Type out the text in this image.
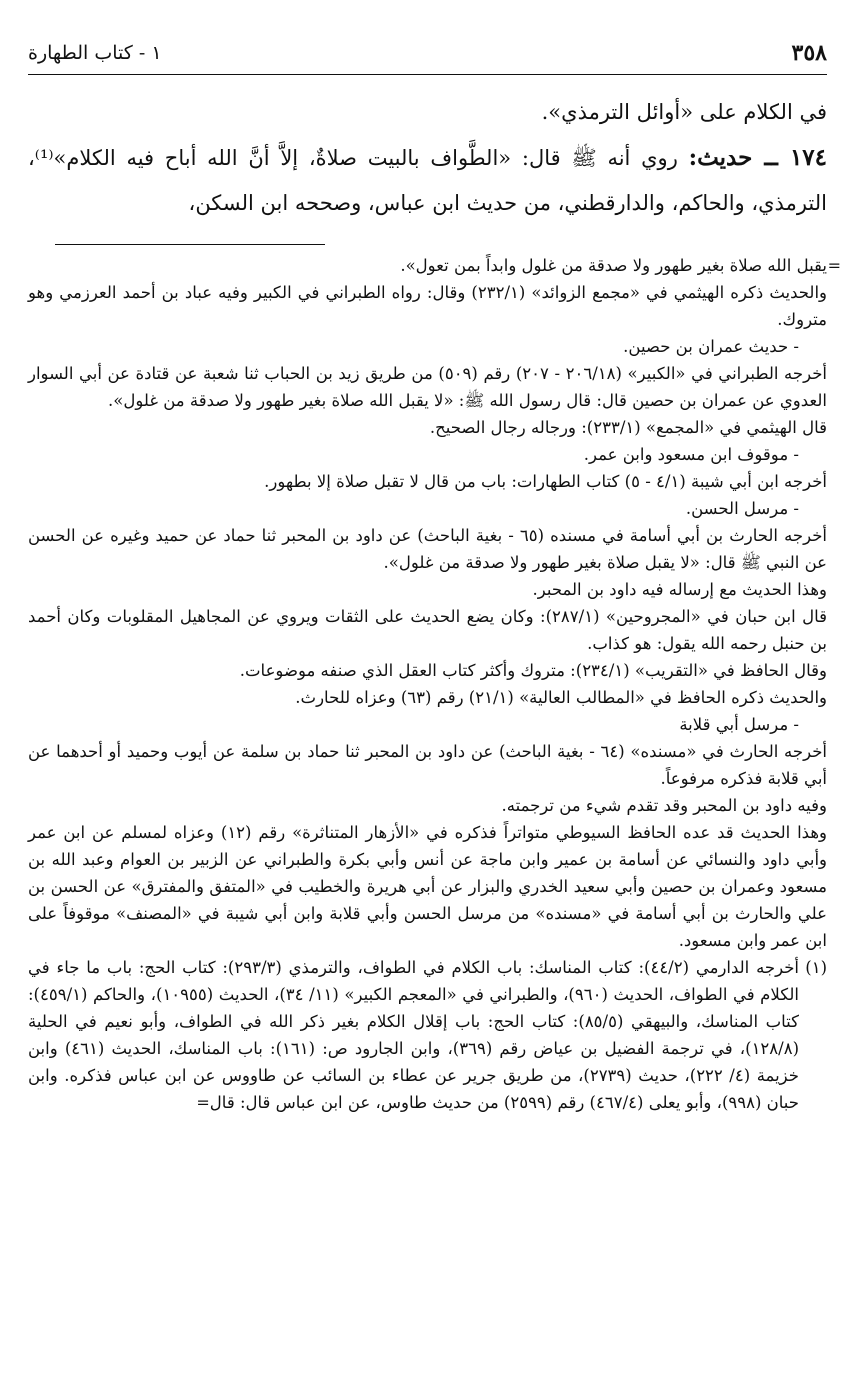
٣٥٨
١ - كتاب الطهارة

في الكلام على «أوائل الترمذي».

١٧٤ ــ حديث: روي أنه ﷺ قال: «الطَّواف بالبيت صلاةٌ، إلاَّ أنَّ الله أباح فيه الكلام»⁽¹⁾، الترمذي، والحاكم، والدارقطني، من حديث ابن عباس، وصححه ابن السكن،

=

يقبل الله صلاة بغير طهور ولا صدقة من غلول وابداً بمن تعول».

والحديث ذكره الهيثمي في «مجمع الزوائد» (٢٣٢/١) وقال: رواه الطبراني في الكبير وفيه عباد بن أحمد العرزمي وهو متروك.

- حديث عمران بن حصين.

أخرجه الطبراني في «الكبير» (٢٠٦/١٨ - ٢٠٧) رقم (٥٠٩) من طريق زيد بن الحباب ثنا شعبة عن قتادة عن أبي السوار العدوي عن عمران بن حصين قال: قال رسول الله ﷺ: «لا يقبل الله صلاة بغير طهور ولا صدقة من غلول».

قال الهيثمي في «المجمع» (٢٣٣/١): ورجاله رجال الصحيح.

- موقوف ابن مسعود وابن عمر.

أخرجه ابن أبي شيبة (٤/١ - ٥) كتاب الطهارات: باب من قال لا تقبل صلاة إلا بطهور.

- مرسل الحسن.

أخرجه الحارث بن أبي أسامة في مسنده (٦٥ - بغية الباحث) عن داود بن المحبر ثنا حماد عن حميد وغيره عن الحسن عن النبي ﷺ قال: «لا يقبل صلاة بغير طهور ولا صدقة من غلول».

وهذا الحديث مع إرساله فيه داود بن المحبر.

قال ابن حبان في «المجروحين» (٢٨٧/١): وكان يضع الحديث على الثقات ويروي عن المجاهيل المقلوبات وكان أحمد بن حنبل رحمه الله يقول: هو كذاب.

وقال الحافظ في «التقريب» (٢٣٤/١): متروك وأكثر كتاب العقل الذي صنفه موضوعات.

والحديث ذكره الحافظ في «المطالب العالية» (٢١/١) رقم (٦٣) وعزاه للحارث.

- مرسل أبي قلابة

أخرجه الحارث في «مسنده» (٦٤ - بغية الباحث) عن داود بن المحبر ثنا حماد بن سلمة عن أيوب وحميد أو أحدهما عن أبي قلابة فذكره مرفوعاً.

وفيه داود بن المحبر وقد تقدم شيء من ترجمته.

وهذا الحديث قد عده الحافظ السيوطي متواتراً فذكره في «الأزهار المتناثرة» رقم (١٢) وعزاه لمسلم عن ابن عمر وأبي داود والنسائي عن أسامة بن عمير وابن ماجة عن أنس وأبي بكرة والطبراني عن الزبير بن العوام وعبد الله بن مسعود وعمران بن حصين وأبي سعيد الخدري والبزار عن أبي هريرة والخطيب في «المتفق والمفترق» عن الحسن بن علي والحارث بن أبي أسامة في «مسنده» من مرسل الحسن وأبي قلابة وابن أبي شيبة في «المصنف» موقوفاً على ابن عمر وابن مسعود.

(١)
أخرجه الدارمي (٤٤/٢): كتاب المناسك: باب الكلام في الطواف، والترمذي (٢٩٣/٣): كتاب الحج: باب ما جاء في الكلام في الطواف، الحديث (٩٦٠)، والطبراني في «المعجم الكبير» (١١/ ٣٤)، الحديث (١٠٩٥٥)، والحاكم (٤٥٩/١): كتاب المناسك، والبيهقي (٨٥/٥): كتاب الحج: باب إقلال الكلام بغير ذكر الله في الطواف، وأبو نعيم في الحلية (١٢٨/٨)، في ترجمة الفضيل بن عياض رقم (٣٦٩)، وابن الجارود ص: (١٦١): باب المناسك، الحديث (٤٦١) وابن خزيمة (٤/ ٢٢٢)، حديث (٢٧٣٩)، من طريق جرير عن عطاء بن السائب عن طاووس عن ابن عباس فذكره. وابن حبان (٩٩٨)، وأبو يعلى (٤٦٧/٤) رقم (٢٥٩٩) من حديث طاوس، عن ابن عباس قال: قال=
